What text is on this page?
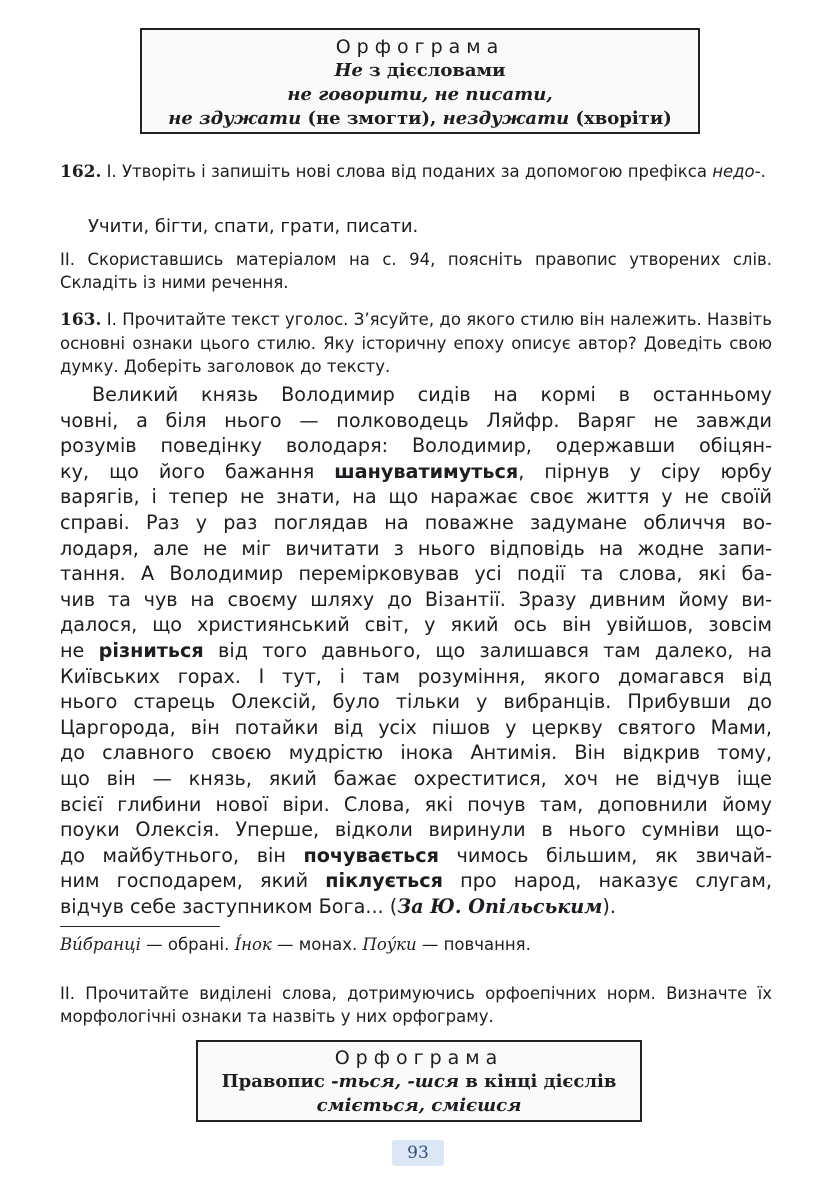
Орфограма
Не з дієсловами
не говорити, не писати,
не здужати (не змогти), нездужати (хворіти)
162. І. Утворіть і запишіть нові слова від поданих за допомогою префікса недо-.
Учити, бігти, спати, грати, писати.
II. Скориставшись матеріалом на с. 94, поясніть правопис утворених слів. Складіть із ними речення.
163. І. Прочитайте текст уголос. З’ясуйте, до якого стилю він належить. Назвіть основні ознаки цього стилю. Яку історичну епоху описує автор? Доведіть свою думку. Доберіть заголовок до тексту.
Великий князь Володимир сидів на кормі в останньому
човні, а біля нього — полководець Ляйфр. Варяг не завжди
розумів поведінку володаря: Володимир, одержавши обіцян-
ку, що його бажання шануватимуться, пірнув у сіру юрбу
варягів, і тепер не знати, на що наражає своє життя у не своїй
справі. Раз у раз поглядав на поважне задумане обличчя во-
лодаря, але не міг вичитати з нього відповідь на жодне запи-
тання. А Володимир перемірковував усі події та слова, які ба-
чив та чув на своєму шляху до Візантії. Зразу дивним йому ви-
далося, що християнський світ, у який ось він увійшов, зовсім
не різниться від того давнього, що залишався там далеко, на
Київських горах. І тут, і там розуміння, якого домагався від
нього старець Олексій, було тільки у вибранців. Прибувши до
Царгорода, він потайки від усіх пішов у церкву святого Мами,
до славного своєю мудрістю інока Антимія. Він відкрив тому,
що він — князь, який бажає охреститися, хоч не відчув іще
всієї глибини нової віри. Слова, які почув там, доповнили йому
поуки Олексія. Уперше, відколи виринули в нього сумніви що-
до майбутнього, він почувається чимось більшим, як звичай-
ним господарем, який піклується про народ, наказує слугам,
відчув себе заступником Бога... (За Ю. Опільським).
Вúбранці — обрані. Íнок — монах. Поýки — повчання.
II. Прочитайте виділені слова, дотримуючись орфоепічних норм. Визначте їх морфологічні ознаки та назвіть у них орфограму.
Орфограма
Правопис -ться, -шся в кінці дієслів
сміється, смієшся
93
